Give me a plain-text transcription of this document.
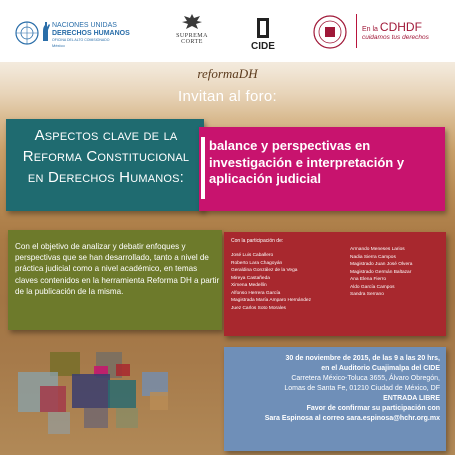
NACIONES UNIDAS
DERECHOS HUMANOS
OFICINA DEL ALTO COMISIONADO
México
SUPREMA
CORTE	CIDE
En la CDHDF
cuidamos tus derechos
reformaDH
Invitan al foro:
Aspectos clave de la
Reforma Constitucional
en Derechos Humanos:
balance y perspectivas en investigación e interpretación y aplicación judicial
Con el objetivo de analizar y debatir enfoques y perspectivas que se han desarrollado, tanto a nivel de práctica judicial como a nivel académico, en temas claves contenidos en la herramienta Reforma DH a partir de la publicación de la misma.
Con la participación de:
José Luis Caballero
Roberto Lara Chagoyán
Geraldina González de la Vega
Mireya Castañeda
Ximena Medellín
Alfonso Herrera García
Magistrada María Amparo Hernández
Juez Carlos Soto Morales
Armando Meneses Larios
Nadia Sierra Campos
Magistrado Juan José Olvera
Magistrado Germán Baltazar
Ana Elena Fierro
Aldo García Campos
Sandra Serrano
30 de noviembre de 2015, de las 9 a las 20 hrs,
en el Auditorio Cuajimalpa del CIDE
Carretera México-Toluca 3655, Álvaro Obregón,
Lomas de Santa Fe, 01210 Ciudad de México, DF
ENTRADA LIBRE
Favor de confirmar su participación con
Sara Espinosa al correo sara.espinosa@hchr.org.mx
